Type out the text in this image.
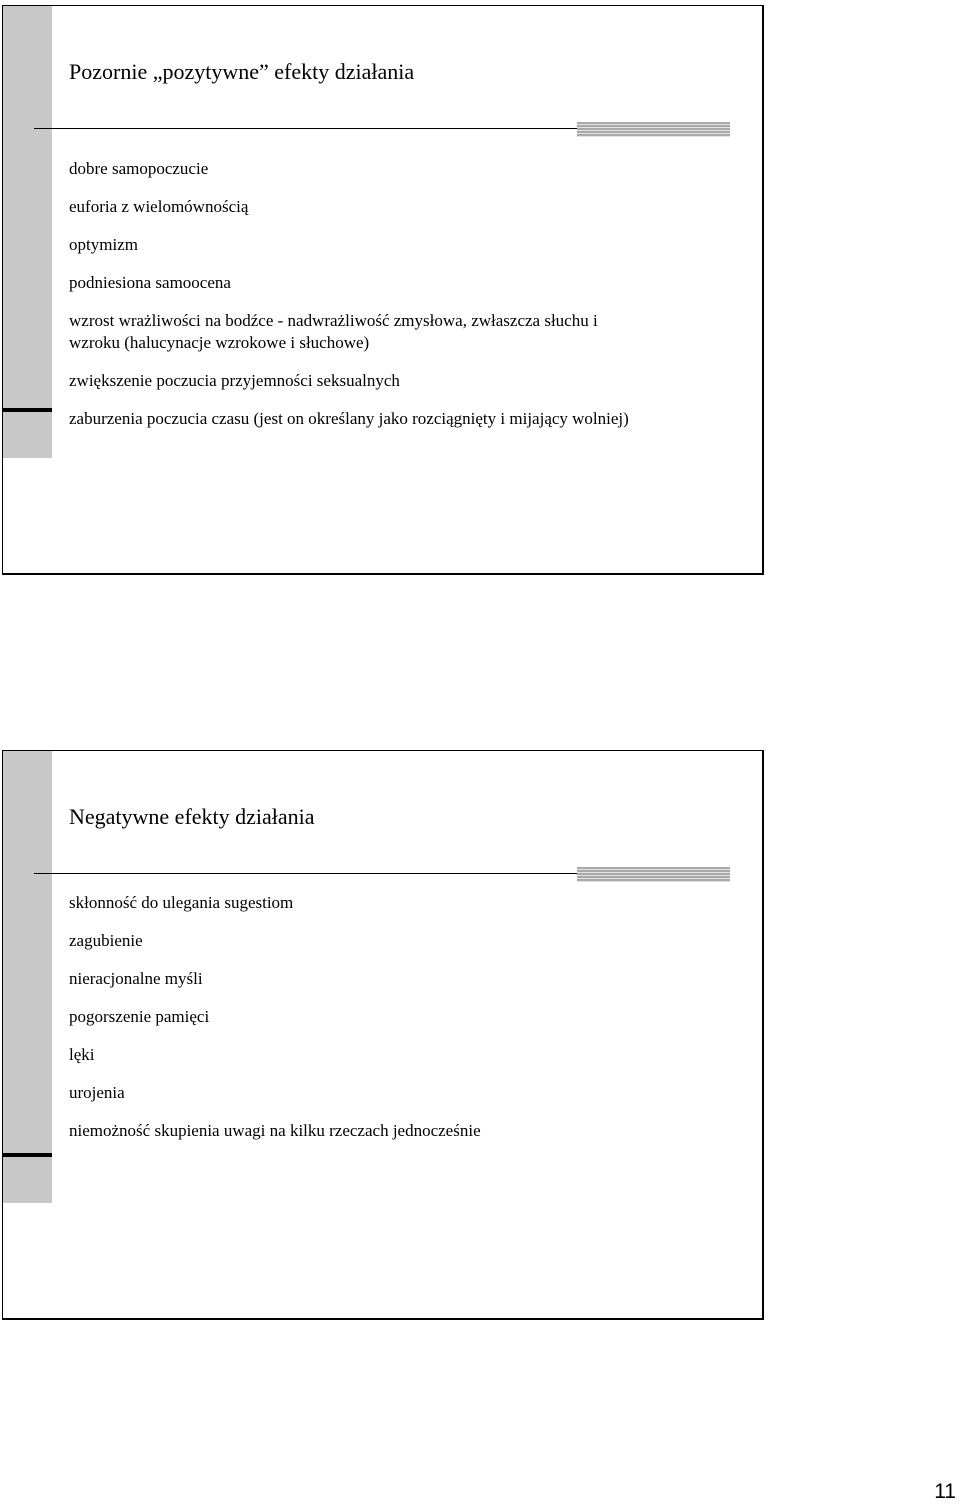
Pozornie „pozytywne” efekty działania
dobre samopoczucie
euforia z wielomównością
optymizm
podniesiona samoocena
wzrost wrażliwości na bodźce - nadwrażliwość zmysłowa, zwłaszcza słuchu i wzroku (halucynacje wzrokowe i słuchowe)
zwiększenie poczucia przyjemności seksualnych
zaburzenia poczucia czasu (jest on określany jako rozciągnięty i mijający wolniej)
Negatywne efekty działania
skłonność do ulegania sugestiom
zagubienie
nieracjonalne myśli
pogorszenie pamięci
lęki
urojenia
niemożność skupienia uwagi na kilku rzeczach jednocześnie
11
